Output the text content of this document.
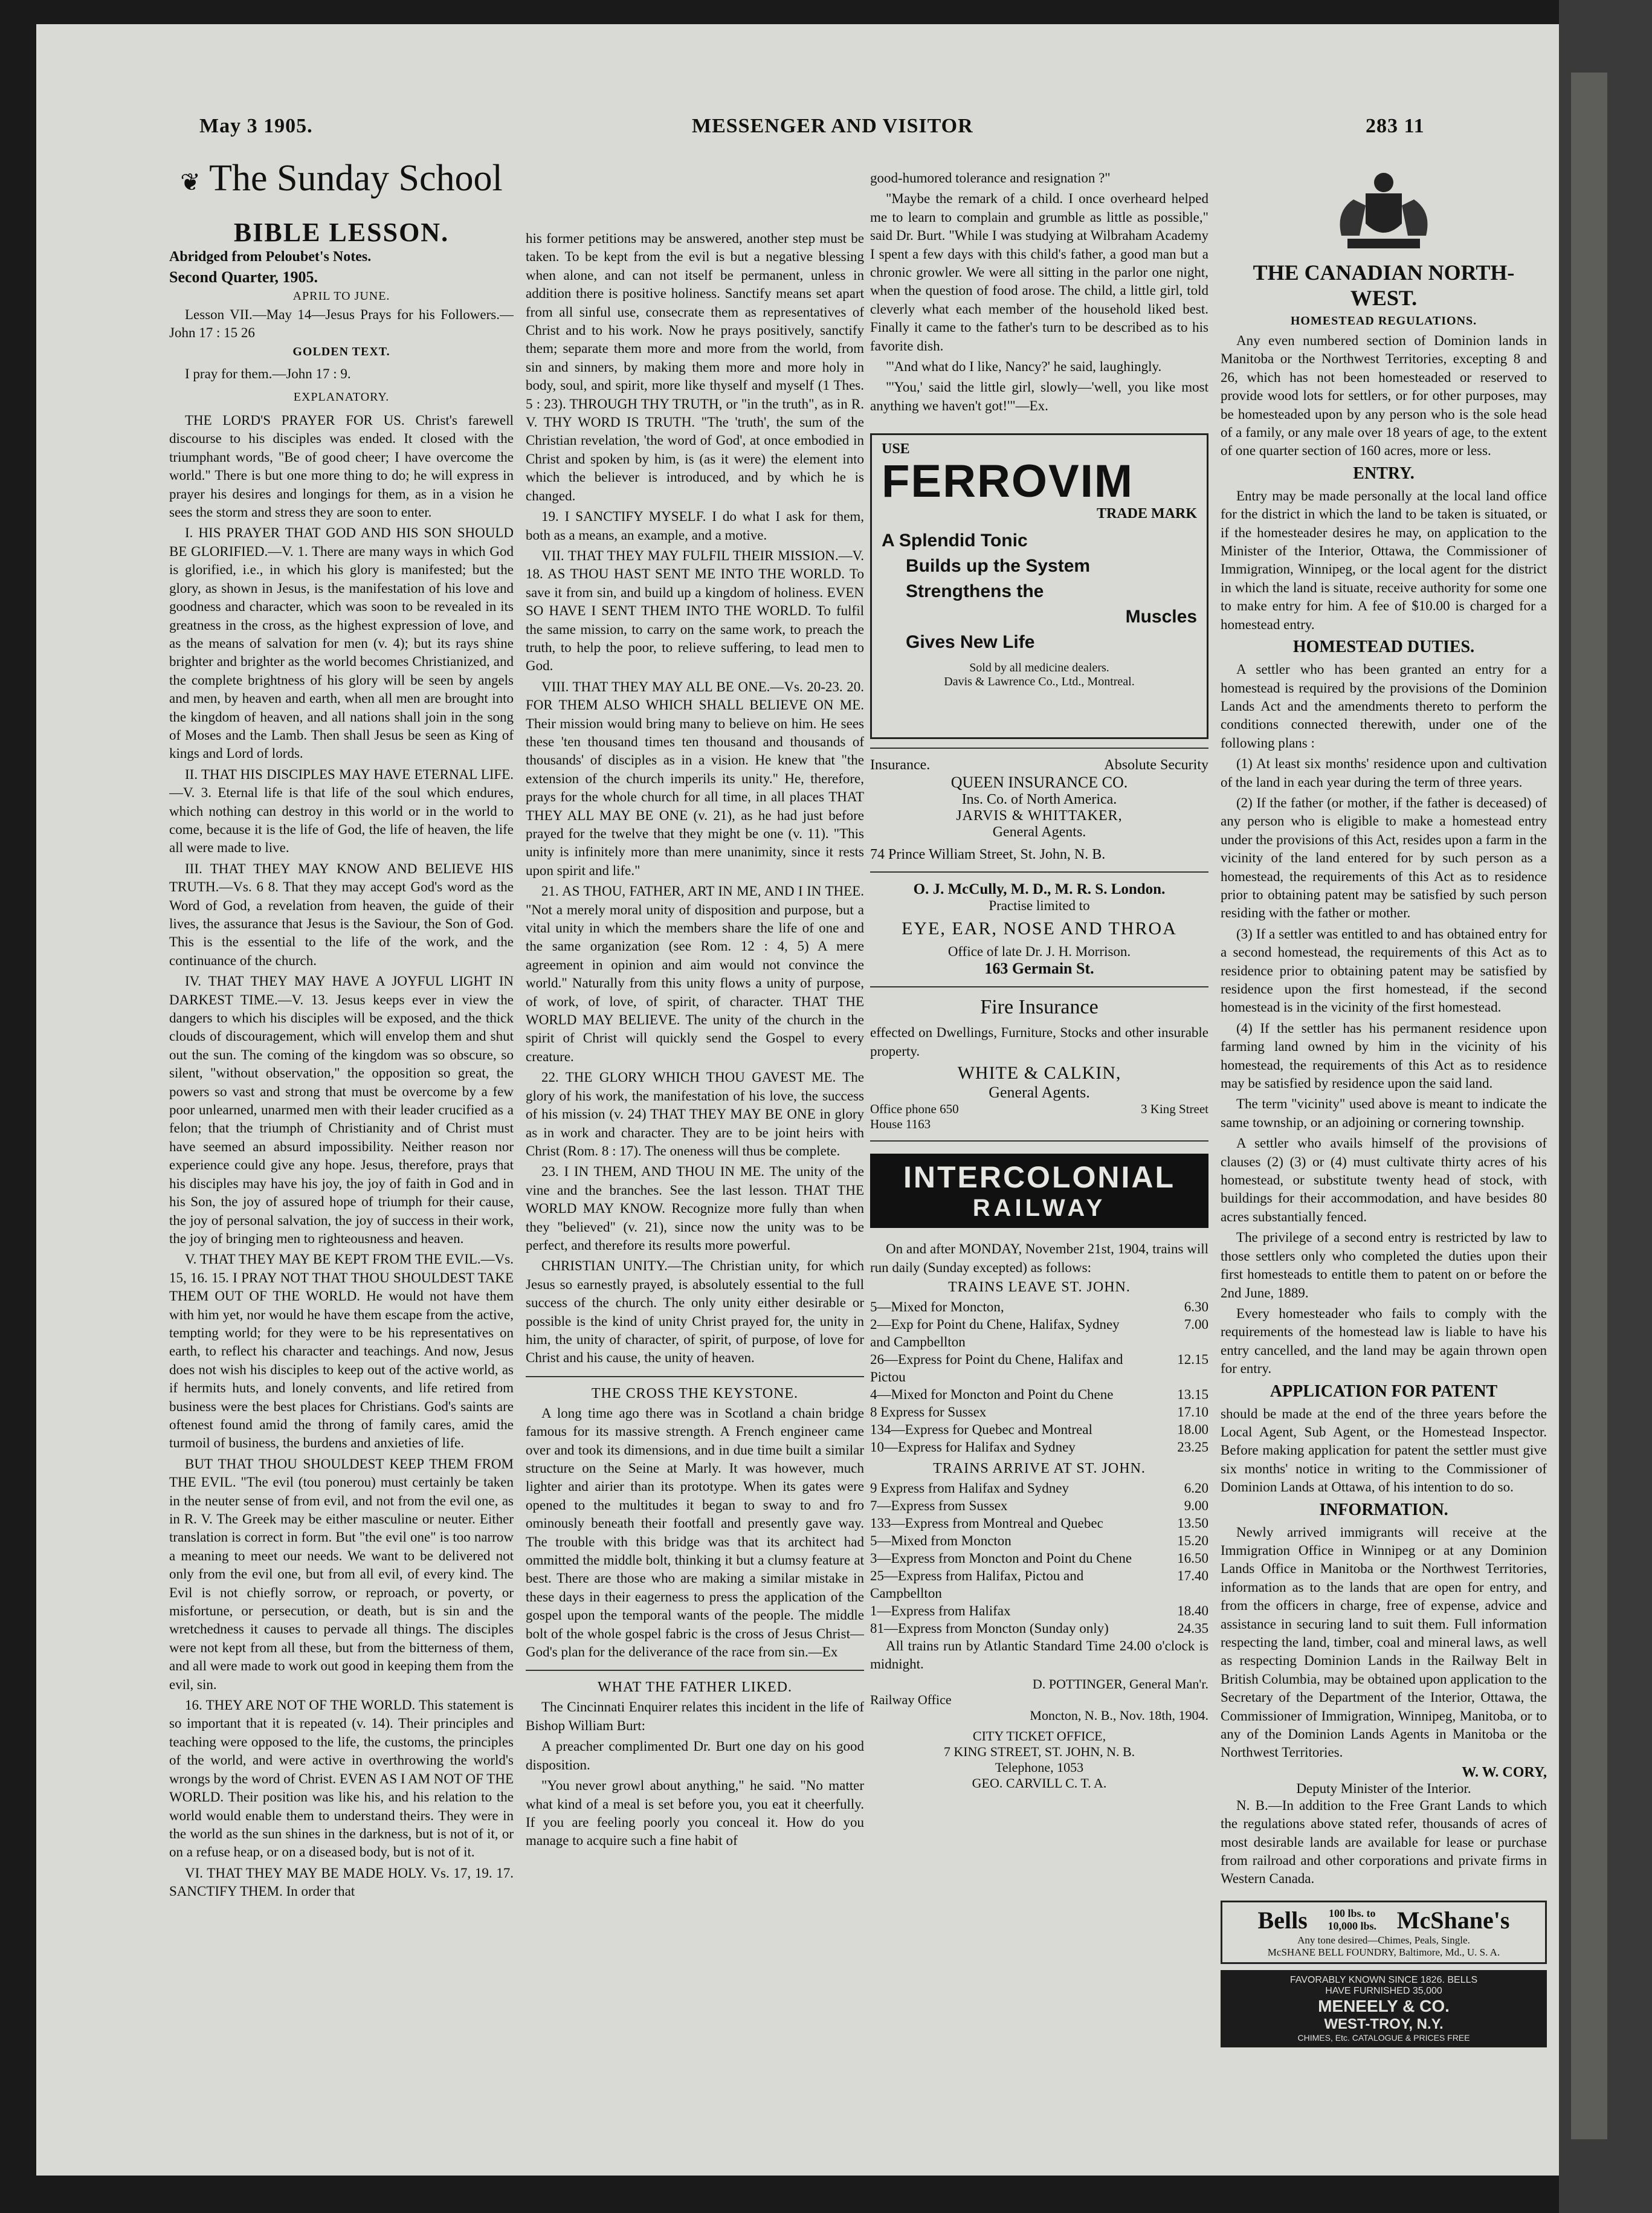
May 3 1905.	MESSENGER AND VISITOR	283 11
❦ The Sunday School
BIBLE LESSON.

Abridged from Peloubet's Notes.

Second Quarter, 1905.

APRIL TO JUNE.

Lesson VII.—May 14—Jesus Prays for his Followers.—John 17 : 15 26

GOLDEN TEXT.

I pray for them.—John 17 : 9.

EXPLANATORY.

THE LORD'S PRAYER FOR US. Christ's farewell discourse to his disciples was ended. It closed with the triumphant words, "Be of good cheer; I have overcome the world." There is but one more thing to do; he will express in prayer his desires and longings for them, as in a vision he sees the storm and stress they are soon to enter.

I. HIS PRAYER THAT GOD AND HIS SON SHOULD BE GLORIFIED.—V. 1. There are many ways in which God is glorified, i.e., in which his glory is manifested; but the glory, as shown in Jesus, is the manifestation of his love and goodness and character, which was soon to be revealed in its greatness in the cross, as the highest expression of love, and as the means of salvation for men (v. 4); but its rays shine brighter and brighter as the world becomes Christianized, and the complete brightness of his glory will be seen by angels and men, by heaven and earth, when all men are brought into the kingdom of heaven, and all nations shall join in the song of Moses and the Lamb. Then shall Jesus be seen as King of kings and Lord of lords.

II. THAT HIS DISCIPLES MAY HAVE ETERNAL LIFE.—V. 3. Eternal life is that life of the soul which endures, which nothing can destroy in this world or in the world to come, because it is the life of God, the life of heaven, the life all were made to live.

III. THAT THEY MAY KNOW AND BELIEVE HIS TRUTH.—Vs. 6 8. That they may accept God's word as the Word of God, a revelation from heaven, the guide of their lives, the assurance that Jesus is the Saviour, the Son of God. This is the essential to the life of the work, and the continuance of the church.

IV. THAT THEY MAY HAVE A JOYFUL LIGHT IN DARKEST TIME.—V. 13. Jesus keeps ever in view the dangers to which his disciples will be exposed, and the thick clouds of discouragement, which will envelop them and shut out the sun. The coming of the kingdom was so obscure, so silent, "without observation," the opposition so great, the powers so vast and strong that must be overcome by a few poor unlearned, unarmed men with their leader crucified as a felon; that the triumph of Christianity and of Christ must have seemed an absurd impossibility. Neither reason nor experience could give any hope. Jesus, therefore, prays that his disciples may have his joy, the joy of faith in God and in his Son, the joy of assured hope of triumph for their cause, the joy of personal salvation, the joy of success in their work, the joy of bringing men to righteousness and heaven.

V. THAT THEY MAY BE KEPT FROM THE EVIL.—Vs. 15, 16. 15. I PRAY NOT THAT THOU SHOULDEST TAKE THEM OUT OF THE WORLD. He would not have them with him yet, nor would he have them escape from the active, tempting world; for they were to be his representatives on earth, to reflect his character and teachings. And now, Jesus does not wish his disciples to keep out of the active world, as if hermits huts, and lonely convents, and life retired from business were the best places for Christians. God's saints are oftenest found amid the throng of family cares, amid the turmoil of business, the burdens and anxieties of life.

BUT THAT THOU SHOULDEST KEEP THEM FROM THE EVIL. "The evil (tou ponerou) must certainly be taken in the neuter sense of from evil, and not from the evil one, as in R. V. The Greek may be either masculine or neuter. Either translation is correct in form. But "the evil one" is too narrow a meaning to meet our needs. We want to be delivered not only from the evil one, but from all evil, of every kind. The Evil is not chiefly sorrow, or reproach, or poverty, or misfortune, or persecution, or death, but is sin and the wretchedness it causes to pervade all things. The disciples were not kept from all these, but from the bitterness of them, and all were made to work out good in keeping them from the evil, sin.

16. THEY ARE NOT OF THE WORLD. This statement is so important that it is repeated (v. 14). Their principles and teaching were opposed to the life, the customs, the principles of the world, and were active in overthrowing the world's wrongs by the word of Christ. EVEN AS I AM NOT OF THE WORLD. Their position was like his, and his relation to the world would enable them to understand theirs. They were in the world as the sun shines in the darkness, but is not of it, or on a refuse heap, or on a diseased body, but is not of it.

VI. THAT THEY MAY BE MADE HOLY. Vs. 17, 19. 17. SANCTIFY THEM. In order that

his former petitions may be answered, another step must be taken. To be kept from the evil is but a negative blessing when alone, and can not itself be permanent, unless in addition there is positive holiness. Sanctify means set apart from all sinful use, consecrate them as representatives of Christ and to his work. Now he prays positively, sanctify them; separate them more and more from the world, from sin and sinners, by making them more and more holy in body, soul, and spirit, more like thyself and myself (1 Thes. 5 : 23). THROUGH THY TRUTH, or "in the truth", as in R. V. THY WORD IS TRUTH. "The 'truth', the sum of the Christian revelation, 'the word of God', at once embodied in Christ and spoken by him, is (as it were) the element into which the believer is introduced, and by which he is changed.

19. I SANCTIFY MYSELF. I do what I ask for them, both as a means, an example, and a motive.

VII. THAT THEY MAY FULFIL THEIR MISSION.—V. 18. AS THOU HAST SENT ME INTO THE WORLD. To save it from sin, and build up a kingdom of holiness. EVEN SO HAVE I SENT THEM INTO THE WORLD. To fulfil the same mission, to carry on the same work, to preach the truth, to help the poor, to relieve suffering, to lead men to God.

VIII. THAT THEY MAY ALL BE ONE.—Vs. 20-23. 20. FOR THEM ALSO WHICH SHALL BELIEVE ON ME. Their mission would bring many to believe on him. He sees these 'ten thousand times ten thousand and thousands of thousands' of disciples as in a vision. He knew that "the extension of the church imperils its unity." He, therefore, prays for the whole church for all time, in all places THAT THEY ALL MAY BE ONE (v. 21), as he had just before prayed for the twelve that they might be one (v. 11). "This unity is infinitely more than mere unanimity, since it rests upon spirit and life."

21. AS THOU, FATHER, ART IN ME, AND I IN THEE. "Not a merely moral unity of disposition and purpose, but a vital unity in which the members share the life of one and the same organization (see Rom. 12 : 4, 5) A mere agreement in opinion and aim would not convince the world." Naturally from this unity flows a unity of purpose, of work, of love, of spirit, of character. THAT THE WORLD MAY BELIEVE. The unity of the church in the spirit of Christ will quickly send the Gospel to every creature.

22. THE GLORY WHICH THOU GAVEST ME. The glory of his work, the manifestation of his love, the success of his mission (v. 24) THAT THEY MAY BE ONE in glory as in work and character. They are to be joint heirs with Christ (Rom. 8 : 17). The oneness will thus be complete.

23. I IN THEM, AND THOU IN ME. The unity of the vine and the branches. See the last lesson. THAT THE WORLD MAY KNOW. Recognize more fully than when they "believed" (v. 21), since now the unity was to be perfect, and therefore its results more powerful.

CHRISTIAN UNITY.—The Christian unity, for which Jesus so earnestly prayed, is absolutely essential to the full success of the church. The only unity either desirable or possible is the kind of unity Christ prayed for, the unity in him, the unity of character, of spirit, of purpose, of love for Christ and his cause, the unity of heaven.

THE CROSS THE KEYSTONE.

A long time ago there was in Scotland a chain bridge famous for its massive strength. A French engineer came over and took its dimensions, and in due time built a similar structure on the Seine at Marly. It was however, much lighter and airier than its prototype. When its gates were opened to the multitudes it began to sway to and fro ominously beneath their footfall and presently gave way. The trouble with this bridge was that its architect had ommitted the middle bolt, thinking it but a clumsy feature at best. There are those who are making a similar mistake in these days in their eagerness to press the application of the gospel upon the temporal wants of the people. The middle bolt of the whole gospel fabric is the cross of Jesus Christ—God's plan for the deliverance of the race from sin.—Ex

WHAT THE FATHER LIKED.

The Cincinnati Enquirer relates this incident in the life of Bishop William Burt:

A preacher complimented Dr. Burt one day on his good disposition.

"You never growl about anything," he said. "No matter what kind of a meal is set before you, you eat it cheerfully. If you are feeling poorly you conceal it. How do you manage to acquire such a fine habit of

good-humored tolerance and resignation ?"

"Maybe the remark of a child. I once overheard helped me to learn to complain and grumble as little as possible," said Dr. Burt. "While I was studying at Wilbraham Academy I spent a few days with this child's father, a good man but a chronic growler. We were all sitting in the parlor one night, when the question of food arose. The child, a little girl, told cleverly what each member of the household liked best. Finally it came to the father's turn to be described as to his favorite dish.

"'And what do I like, Nancy?' he said, laughingly.

"'You,' said the little girl, slowly—'well, you like most anything we haven't got!'"—Ex.

USE
FERROVIM
TRADE MARK
A Splendid Tonic
Builds up the System
Strengthens the
Muscles
Gives New Life
Sold by all medicine dealers.
Davis & Lawrence Co., Ltd., Montreal.
Insurance.	Absolute Security
QUEEN INSURANCE CO.
Ins. Co. of North America.
JARVIS & WHITTAKER,
General Agents.
74 Prince William Street, St. John, N. B.
O. J. McCully, M. D., M. R. S. London.
Practise limited to
EYE, EAR, NOSE AND THROA
Office of late Dr. J. H. Morrison.
163 Germain St.
Fire Insurance

effected on Dwellings, Furniture, Stocks and other insurable property.

WHITE & CALKIN,
General Agents.
Office phone 650	3 King Street
House 1163
INTERCOLONIAL
RAILWAY

On and after MONDAY, November 21st, 1904, trains will run daily (Sunday excepted) as follows:

TRAINS LEAVE ST. JOHN.
5—Mixed for Moncton,	6.30
2—Exp for Point du Chene, Halifax, Sydney and Campbellton
7.00
26—Express for Point du Chene, Halifax and Pictou
12.15
4—Mixed for Moncton and Point du Chene	13.15
8 Express for Sussex	17.10
134—Express for Quebec and Montreal	18.00
10—Express for Halifax and Sydney	23.25
TRAINS ARRIVE AT ST. JOHN.
9 Express from Halifax and Sydney	6.20
7—Express from Sussex	9.00
133—Express from Montreal and Quebec	13.50
5—Mixed from Moncton	15.20
3—Express from Moncton and Point du Chene	16.50
25—Express from Halifax, Pictou and Campbellton
17.40
1—Express from Halifax	18.40
81—Express from Moncton (Sunday only)	24.35

All trains run by Atlantic Standard Time 24.00 o'clock is midnight.

D. POTTINGER, General Man'r.
Railway Office
Moncton, N. B., Nov. 18th, 1904.
CITY TICKET OFFICE,
7 KING STREET, ST. JOHN, N. B.
Telephone, 1053
GEO. CARVILL C. T. A.
THE CANADIAN NORTH-WEST.
HOMESTEAD REGULATIONS.

Any even numbered section of Dominion lands in Manitoba or the Northwest Territories, excepting 8 and 26, which has not been homesteaded or reserved to provide wood lots for settlers, or for other purposes, may be homesteaded upon by any person who is the sole head of a family, or any male over 18 years of age, to the extent of one quarter section of 160 acres, more or less.

ENTRY.

Entry may be made personally at the local land office for the district in which the land to be taken is situated, or if the homesteader desires he may, on application to the Minister of the Interior, Ottawa, the Commissioner of Immigration, Winnipeg, or the local agent for the district in which the land is situate, receive authority for some one to make entry for him. A fee of $10.00 is charged for a homestead entry.

HOMESTEAD DUTIES.

A settler who has been granted an entry for a homestead is required by the provisions of the Dominion Lands Act and the amendments thereto to perform the conditions connected therewith, under one of the following plans :

(1) At least six months' residence upon and cultivation of the land in each year during the term of three years.

(2) If the father (or mother, if the father is deceased) of any person who is eligible to make a homestead entry under the provisions of this Act, resides upon a farm in the vicinity of the land entered for by such person as a homestead, the requirements of this Act as to residence prior to obtaining patent may be satisfied by such person residing with the father or mother.

(3) If a settler was entitled to and has obtained entry for a second homestead, the requirements of this Act as to residence prior to obtaining patent may be satisfied by residence upon the first homestead, if the second homestead is in the vicinity of the first homestead.

(4) If the settler has his permanent residence upon farming land owned by him in the vicinity of his homestead, the requirements of this Act as to residence may be satisfied by residence upon the said land.

The term "vicinity" used above is meant to indicate the same township, or an adjoining or cornering township.

A settler who avails himself of the provisions of clauses (2) (3) or (4) must cultivate thirty acres of his homestead, or substitute twenty head of stock, with buildings for their accommodation, and have besides 80 acres substantially fenced.

The privilege of a second entry is restricted by law to those settlers only who completed the duties upon their first homesteads to entitle them to patent on or before the 2nd June, 1889.

Every homesteader who fails to comply with the requirements of the homestead law is liable to have his entry cancelled, and the land may be again thrown open for entry.

APPLICATION FOR PATENT

should be made at the end of the three years before the Local Agent, Sub Agent, or the Homestead Inspector. Before making application for patent the settler must give six months' notice in writing to the Commissioner of Dominion Lands at Ottawa, of his intention to do so.

INFORMATION.

Newly arrived immigrants will receive at the Immigration Office in Winnipeg or at any Dominion Lands Office in Manitoba or the Northwest Territories, information as to the lands that are open for entry, and from the officers in charge, free of expense, advice and assistance in securing land to suit them. Full information respecting the land, timber, coal and mineral laws, as well as respecting Dominion Lands in the Railway Belt in British Columbia, may be obtained upon application to the Secretary of the Department of the Interior, Ottawa, the Commissioner of Immigration, Winnipeg, Manitoba, or to any of the Dominion Lands Agents in Manitoba or the Northwest Territories.

W. W. CORY,
Deputy Minister of the Interior.

N. B.—In addition to the Free Grant Lands to which the regulations above stated refer, thousands of acres of most desirable lands are available for lease or purchase from railroad and other corporations and private firms in Western Canada.

Bells	100 lbs. to 10,000 lbs. McShane's
Any tone desired—Chimes, Peals, Single.
McSHANE BELL FOUNDRY, Baltimore, Md., U. S. A.
FAVORABLY KNOWN SINCE 1826. BELLS
HAVE FURNISHED 35,000
MENEELY & CO.
WEST-TROY, N.Y.
CHIMES, Etc. CATALOGUE & PRICES FREE
